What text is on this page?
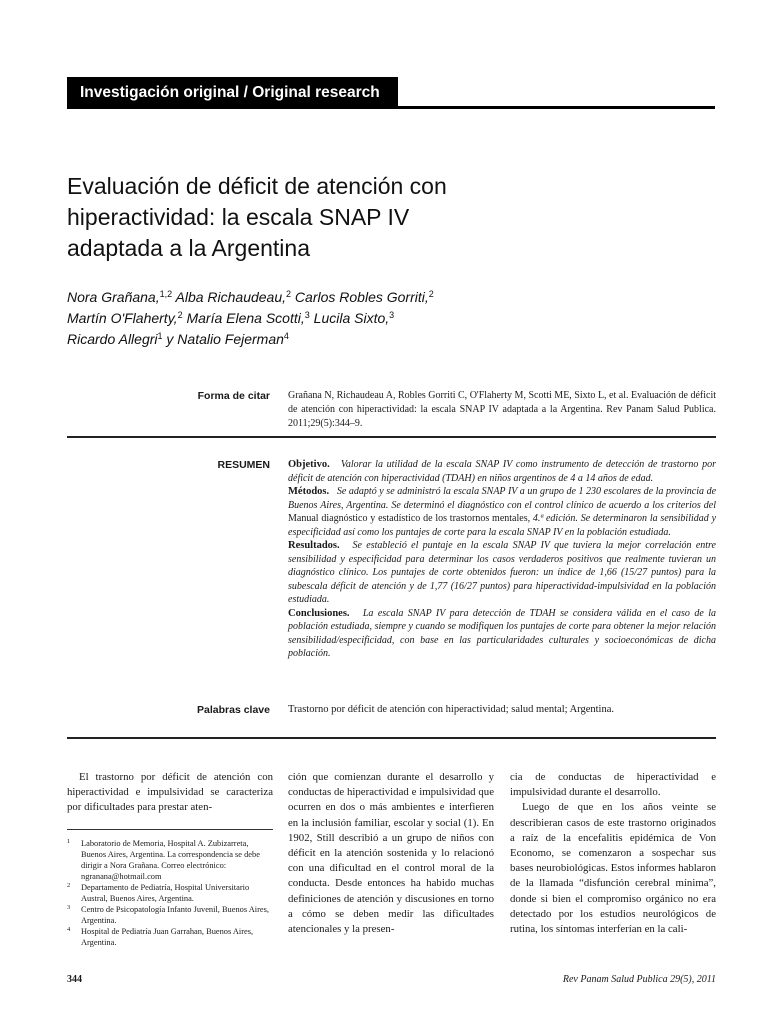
Investigación original / Original research
Evaluación de déficit de atención con
hiperactividad: la escala SNAP IV
adaptada a la Argentina
Nora Grañana,$^{1,2}$ Alba Richaudeau,$^2$ Carlos Robles Gorriti,$^2$
Martín O'Flaherty,$^2$ María Elena Scotti,$^3$ Lucila Sixto,$^3$
Ricardo Allegri$^1$ y Natalio Fejerman$^4$
Forma de citar Grañana N, Richaudeau A, Robles Gorriti C, O'Flaherty M, Scotti ME, Sixto L, et al. Evaluación de déficit de atención con hiperactividad: la escala SNAP IV adaptada a la Argentina. Rev Panam Salud Publica. 2011;29(5):344–9.
RESUMEN Objetivo. Valorar la utilidad de la escala SNAP IV como instrumento de detección de trastorno por déficit de atención con hiperactividad (TDAH) en niños argentinos de 4 a 14 años de edad.

Métodos. Se adaptó y se administró la escala SNAP IV a un grupo de 1 230 escolares de la provincia de Buenos Aires, Argentina. Se determinó el diagnóstico con el control clínico de acuerdo a los criterios del Manual diagnóstico y estadístico de los trastornos mentales, 4.ª edición. Se determinaron la sensibilidad y especificidad así como los puntajes de corte para la escala SNAP IV en la población estudiada.

Resultados. Se estableció el puntaje en la escala SNAP IV que tuviera la mejor correlación entre sensibilidad y especificidad para determinar los casos verdaderos positivos que realmente tuvieran un diagnóstico clínico. Los puntajes de corte obtenidos fueron: un índice de 1,66 (15/27 puntos) para la subescala déficit de atención y de 1,77 (16/27 puntos) para hiperactividad-impulsividad en la población estudiada.

Conclusiones. La escala SNAP IV para detección de TDAH se considera válida en el caso de la población estudiada, siempre y cuando se modifiquen los puntajes de corte para obtener la mejor relación sensibilidad/especificidad, con base en las particularidades culturales y socioeconómicas de dicha población.

Palabras clave Trastorno por déficit de atención con hiperactividad; salud mental; Argentina.
El trastorno por déficit de atención con hiperactividad e impulsividad se caracteriza por dificultades para prestar aten-
ción que comienzan durante el desarrollo y conductas de hiperactividad e impulsividad que ocurren en dos o más ambientes e interfieren en la inclusión familiar, escolar y social (1). En 1902, Still describió a un grupo de niños con déficit en la atención sostenida y lo relacionó con una dificultad en el control moral de la conducta. Desde entonces ha habido muchas definiciones de atención y discusiones en torno a cómo se deben medir las dificultades atencionales y la presen-

cia de conductas de hiperactividad e impulsividad durante el desarrollo.

Luego de que en los años veinte se describieran casos de este trastorno originados a raíz de la encefalitis epidémica de Von Economo, se comenzaron a sospechar sus bases neurobiológicas. Estos informes hablaron de la llamada “disfunción cerebral mínima”, donde si bien el compromiso orgánico no era detectado por los estudios neurológicos de rutina, los síntomas interferían en la cali-

1	Laboratorio de Memoria, Hospital A. Zubizarreta, Buenos Aires, Argentina. La correspondencia se debe dirigir a Nora Grañana. Correo electrónico: ngranana@hotmail.com
2	Departamento de Pediatría, Hospital Universitario Austral, Buenos Aires, Argentina.
3	Centro de Psicopatología Infanto Juvenil, Buenos Aires, Argentina.
4	Hospital de Pediatría Juan Garrahan, Buenos Aires, Argentina.
344	Rev Panam Salud Publica 29(5), 2011
